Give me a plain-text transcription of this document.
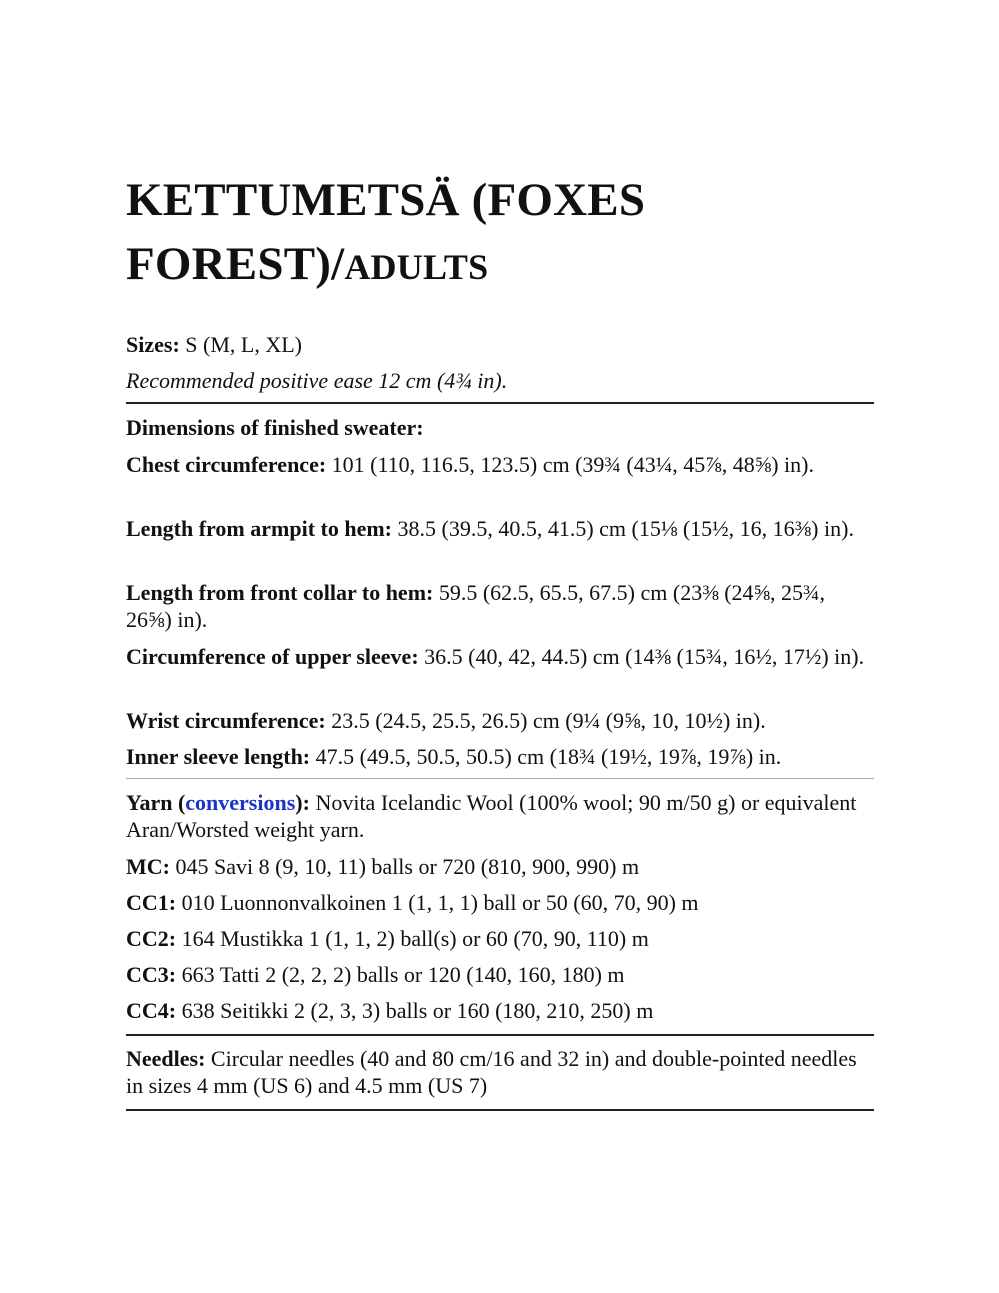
KETTUMETSÄ (FOXES FOREST)/ADULTS

Sizes: S (M, L, XL)

Recommended positive ease 12 cm (4¾ in).

Dimensions of finished sweater:

Chest circumference: 101 (110, 116.5, 123.5) cm (39¾ (43¼, 45⅞, 48⅝) in).

Length from armpit to hem: 38.5 (39.5, 40.5, 41.5) cm (15⅛ (15½, 16, 16⅜) in).

Length from front collar to hem: 59.5 (62.5, 65.5, 67.5) cm (23⅜ (24⅝, 25¾, 26⅝) in).

Circumference of upper sleeve: 36.5 (40, 42, 44.5) cm (14⅜ (15¾, 16½, 17½) in).

Wrist circumference: 23.5 (24.5, 25.5, 26.5) cm (9¼ (9⅝, 10, 10½) in).

Inner sleeve length: 47.5 (49.5, 50.5, 50.5) cm (18¾ (19½, 19⅞, 19⅞) in.

Yarn (conversions): Novita Icelandic Wool (100% wool; 90 m/50 g) or equivalent Aran/Worsted weight yarn.

MC: 045 Savi 8 (9, 10, 11) balls or 720 (810, 900, 990) m

CC1: 010 Luonnonvalkoinen 1 (1, 1, 1) ball or 50 (60, 70, 90) m

CC2: 164 Mustikka 1 (1, 1, 2) ball(s) or 60 (70, 90, 110) m

CC3: 663 Tatti 2 (2, 2, 2) balls or 120 (140, 160, 180) m

CC4: 638 Seitikki 2 (2, 3, 3) balls or 160 (180, 210, 250) m

Needles: Circular needles (40 and 80 cm/16 and 32 in) and double-pointed needles in sizes 4 mm (US 6) and 4.5 mm (US 7)
